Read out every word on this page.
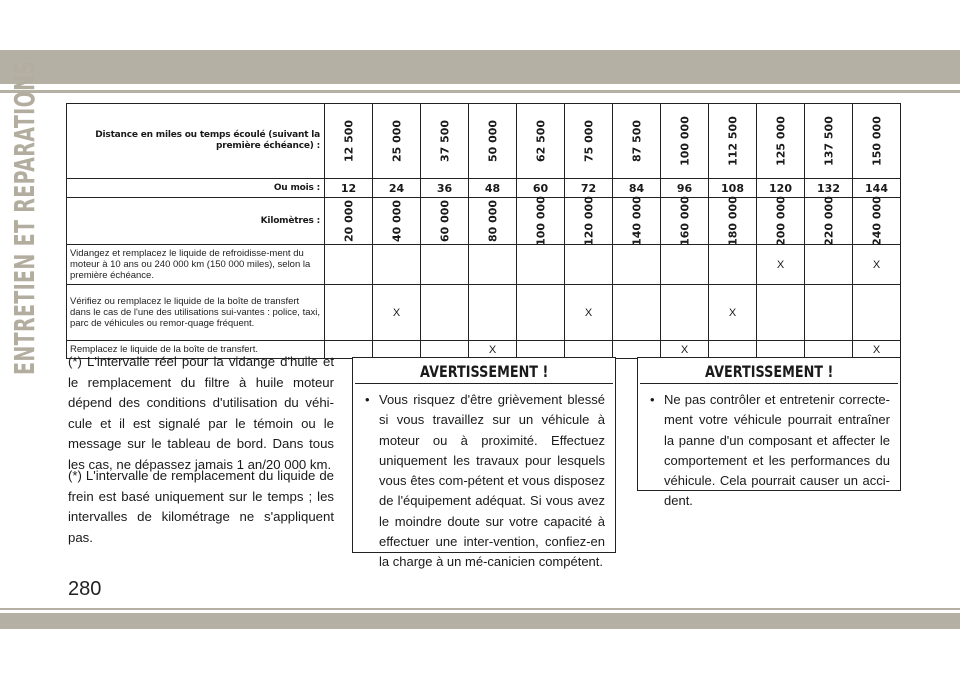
ENTRETIEN ET REPARATIONS	Distance en miles ou temps écoulé (suivant la première échéance) :	12 500	25 000	37 500	50 000	62 500	75 000	87 500	100 000	112 500	125 000	137 500	150 000

Ou mois :	12	24	36	48	60	72	84	96	108	120	132	144
Kilomètres :	20 000	40 000	60 000	80 000	100 000	120 000	140 000	160 000	180 000	200 000	220 000	240 000

Vidangez et remplacez le liquide de refroidisse-ment du moteur à 10 ans ou 240 000 km (150 000 miles), selon la première échéance.										X		X
Vérifiez ou remplacez le liquide de la boîte de transfert dans le cas de l'une des utilisations sui-vantes : police, taxi, parc de véhicules ou remor-quage fréquent.		X				X			X			
Remplacez le liquide de la boîte de transfert.				X				X				X
(*) L'intervalle réel pour la vidange d'huile et le remplacement du filtre à huile moteur dépend des conditions d'utilisation du véhi-cule et il est signalé par le témoin ou le message sur le tableau de bord. Dans tous les cas, ne dépassez jamais 1 an/20 000 km.
(*) L'intervalle de remplacement du liquide de frein est basé uniquement sur le temps ; les intervalles de kilométrage ne s'appliquent pas.
AVERTISSEMENT !
• Vous risquez d'être grièvement blessé si vous travaillez sur un véhicule à moteur ou à proximité. Effectuez uniquement les travaux pour lesquels vous êtes com-pétent et vous disposez de l'équipement adéquat. Si vous avez le moindre doute sur votre capacité à effectuer une inter-vention, confiez-en la charge à un mé-canicien compétent.
AVERTISSEMENT !
• Ne pas contrôler et entretenir correcte-ment votre véhicule pourrait entraîner la panne d'un composant et affecter le comportement et les performances du véhicule. Cela pourrait causer un acci-dent.
280
